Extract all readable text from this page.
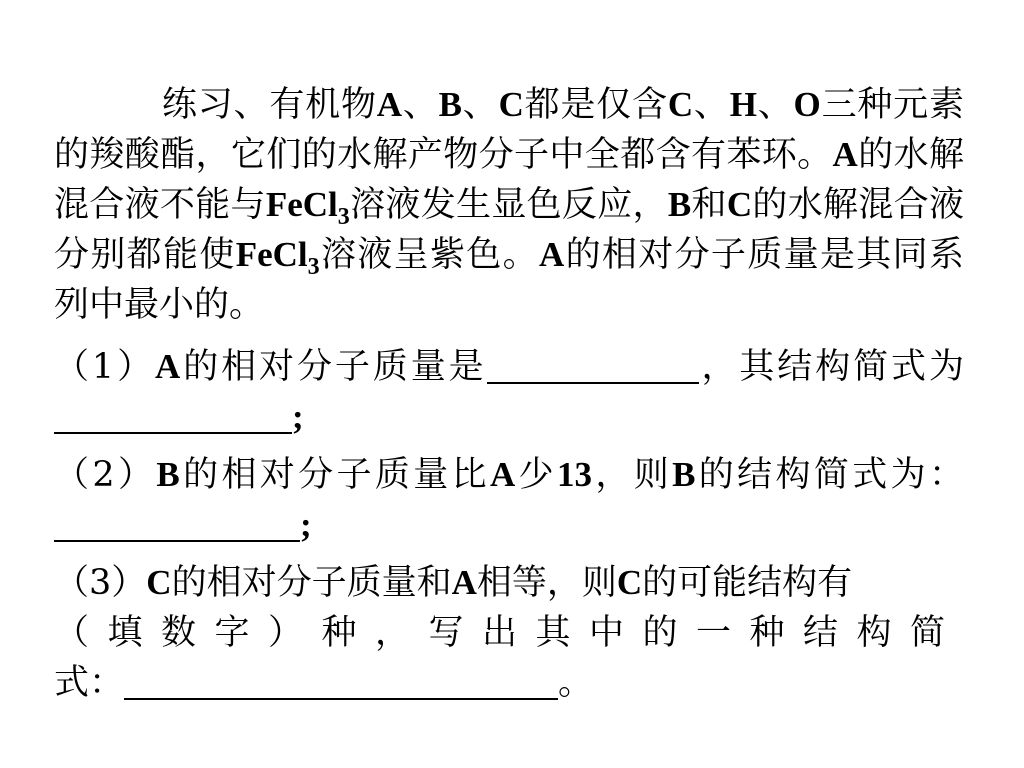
练习、有机物A、B、C都是仅含C、H、O三种元素的羧酸酯，它们的水解产物分子中全都含有苯环。A的水解混合液不能与FeCl$_3$溶液发生显色反应，B和C的水解混合液分别都能使FeCl$_3$溶液呈紫色。A的相对分子质量是其同系列中最小的。

（1）A的相对分子质量是	，其结构简式为;

（2）B的相对分子质量比A少13，则B的结构简式为：;

（3）C的相对分子质量和A相等，则C的可能结构有
（填数字）种，写出其中的一种结构简
式：	。
